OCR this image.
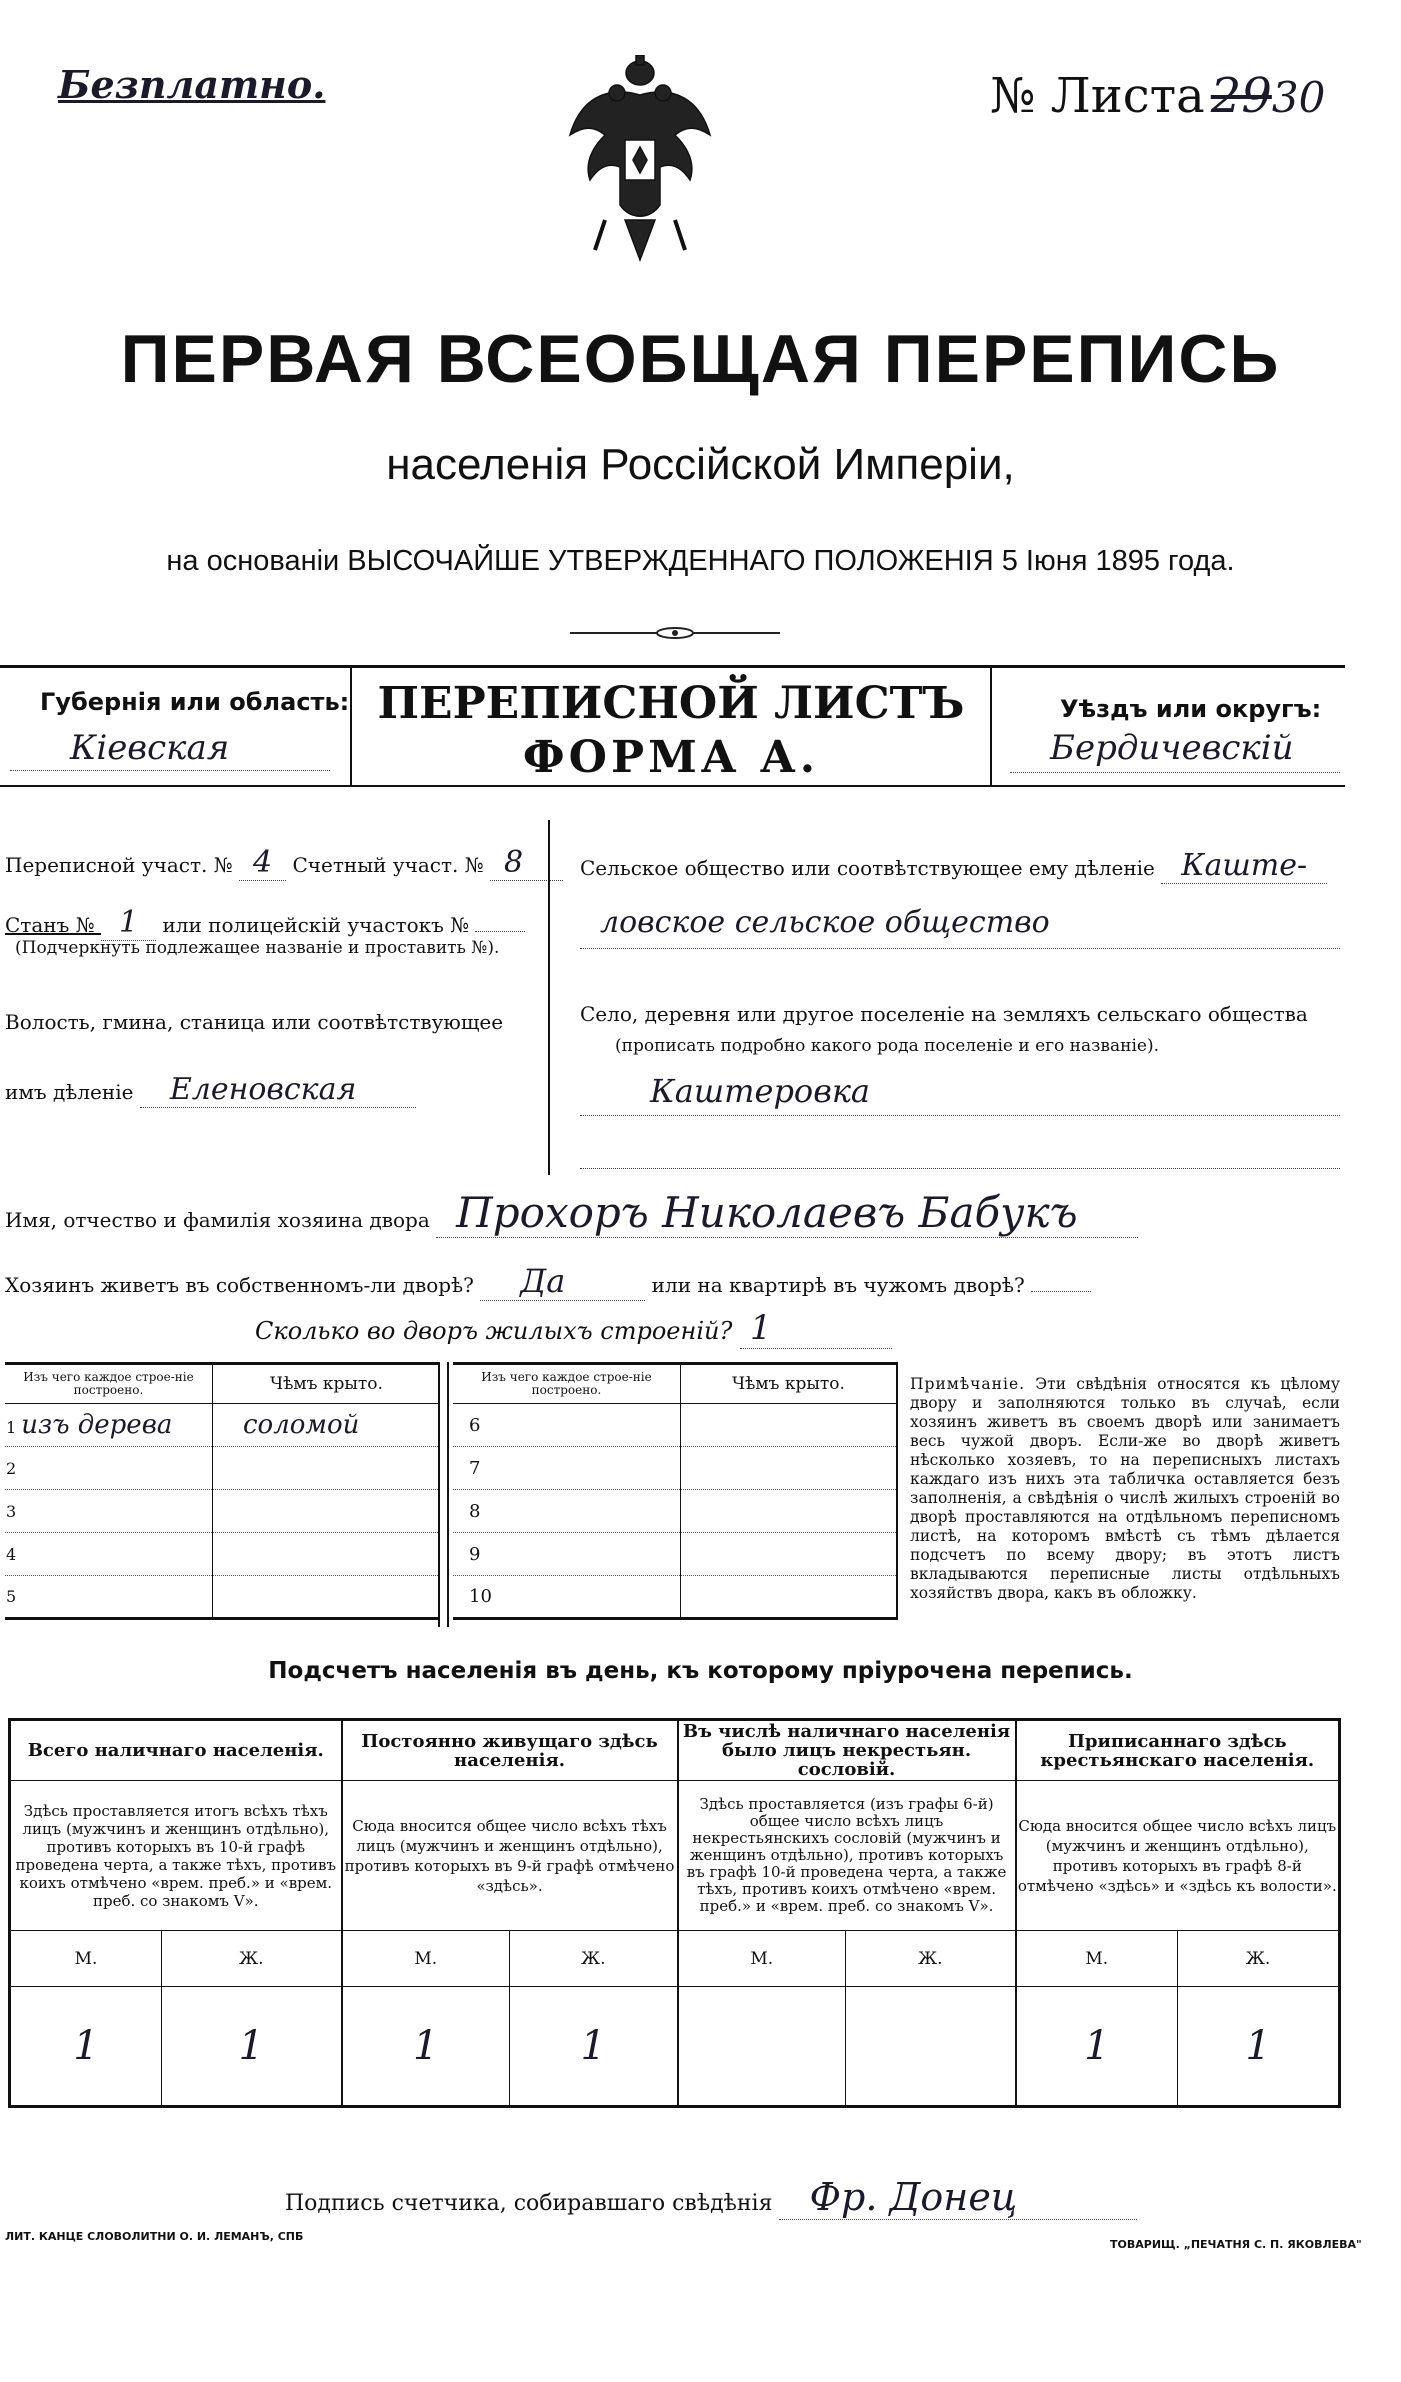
Безплатно.	№ Листа 2930
ПЕРВАЯ ВСЕОБЩАЯ ПЕРЕПИСЬ
населенія Россійской Имперіи,
на основаніи ВЫСОЧАЙШЕ УТВЕРЖДЕННАГО ПОЛОЖЕНІЯ 5 Іюня 1895 года.
Губернія или область:
Кіевская
ПЕРЕПИСНОЙ ЛИСТЪ
ФОРМА А.
Уѣздъ или округъ:
Бердичевскій
Переписной участ. № 4 Счетный участ. № 8
Станъ № 1 или полицейскій участокъ №
(Подчеркнуть подлежащее названіе и проставить №).
Волость, гмина, станица или соотвѣтствующее
имъ дѣленіе Еленовская
Сельское общество или соотвѣтствующее ему дѣленіе Каште-
ловское сельское общество
Село, деревня или другое поселеніе на земляхъ сельскаго общества
(прописать подробно какого рода поселеніе и его названіе).
Каштеровка
Имя, отчество и фамилія хозяина двора Прохоръ Николаевъ Бабукъ
Хозяинъ живетъ въ собственномъ-ли дворѣ? Да	или на квартирѣ въ чужомъ дворѣ?
Сколько во дворъ жилыхъ строеній? 1
Изъ чего каждое строе-ніе построено.	Чѣмъ крыто.
1 изъ дерева	соломой
2	
3	
4	
5	
Изъ чего каждое строе-ніе построено.	Чѣмъ крыто.
6	
7	
8	
9	
10	
Примѣчаніе. Эти свѣдѣнія относятся къ цѣлому двору и заполняются только въ случаѣ, если хозяинъ живетъ въ своемъ дворѣ или занимаетъ весь чужой дворъ. Если-же во дворѣ живетъ нѣсколько хозяевъ, то на переписныхъ листахъ каждаго изъ нихъ эта табличка оставляется безъ заполненія, а свѣдѣнія о числѣ жилыхъ строеній во дворѣ проставляются на отдѣльномъ переписномъ листѣ, на которомъ вмѣстѣ съ тѣмъ дѣлается подсчетъ по всему двору; въ этотъ листъ вкладываются переписные листы отдѣльныхъ хозяйствъ двора, какъ въ обложку.
Подсчетъ населенія въ день, къ которому пріурочена перепись.
Всего наличнаго населенія.		Постоянно живущаго здѣсь населенія.		Въ числѣ наличнаго населенія было лицъ некрестьян. сословій.		Приписаннаго здѣсь крестьянскаго населенія.	
Здѣсь проставляется итогъ всѣхъ тѣхъ лицъ (мужчинъ и женщинъ отдѣльно), противъ которыхъ въ 10-й графѣ проведена черта, а также тѣхъ, противъ коихъ отмѣчено «врем. преб.» и «врем. преб. со знакомъ V».		Сюда вносится общее число всѣхъ тѣхъ лицъ (мужчинъ и женщинъ отдѣльно), противъ которыхъ въ 9-й графѣ отмѣчено «здѣсь».		Здѣсь проставляется (изъ графы 6-й) общее число всѣхъ лицъ некрестьянскихъ сословій (мужчинъ и женщинъ отдѣльно), противъ которыхъ въ графѣ 10-й проведена черта, а также тѣхъ, противъ коихъ отмѣчено «врем. преб.» и «врем. преб. со знакомъ V».		Сюда вносится общее число всѣхъ лицъ (мужчинъ и женщинъ отдѣльно), противъ которыхъ въ графѣ 8-й отмѣчено «здѣсь» и «здѣсь къ волости».	
М.	Ж.	М.	Ж.	М.	Ж.	М.	Ж.
1	1	1	1			1	1
Подпись счетчика, собиравшаго свѣдѣнія Фр. Донец
ЛИТ. КАНЦЕ СЛОВОЛИТНИ О. И. ЛЕМАНЪ, СПБ
ТОВАРИЩ. „ПЕЧАТНЯ С. П. ЯКОВЛЕВА"
